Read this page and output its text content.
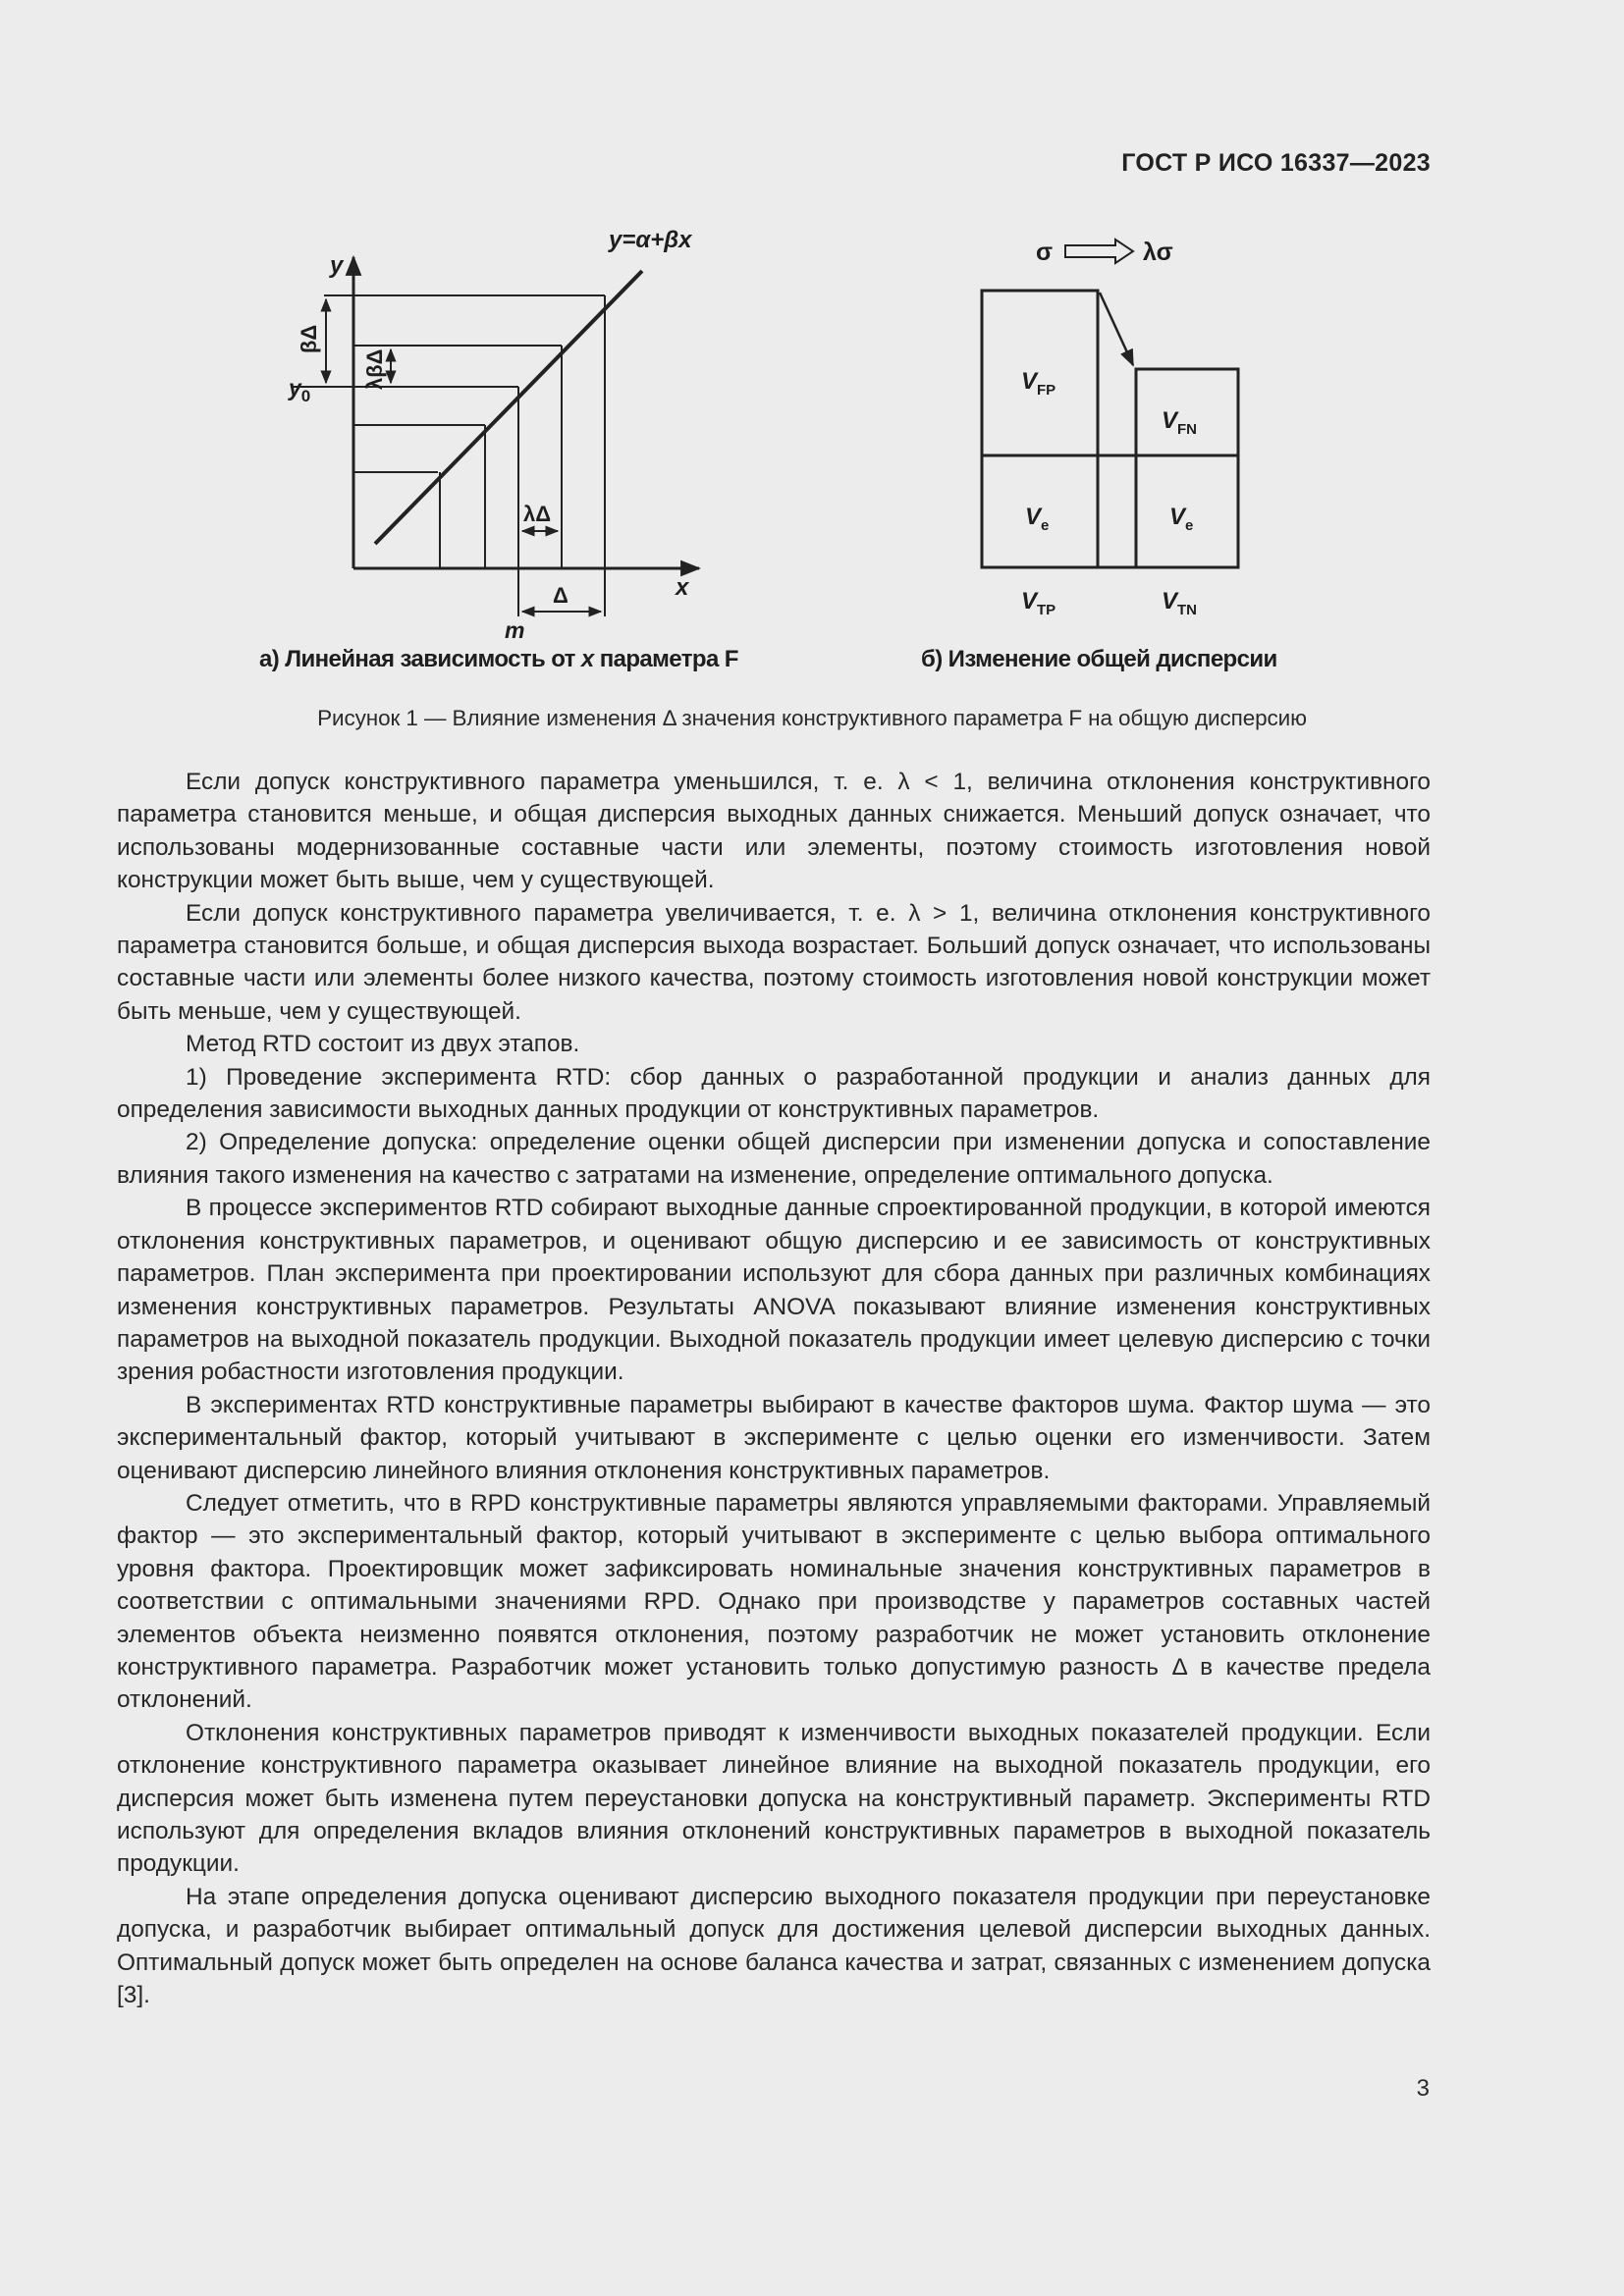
ГОСТ Р ИСО 16337—2023
y
x
y=α+βx
$y_0$
βΔ
λβΔ
λΔ
Δ
m
σ	λσ
$V_{FP}$
$V_{FN}$
$V_e$	$V_e$
$V_{TP}$	$V_{TN}$
а) Линейная зависимость от x параметра F	б) Изменение общей дисперсии
Рисунок 1 — Влияние изменения Δ значения конструктивного параметра F на общую дисперсию

Если допуск конструктивного параметра уменьшился, т. е. λ < 1, величина отклонения конструктивного параметра становится меньше, и общая дисперсия выходных данных снижается. Меньший допуск означает, что использованы модернизованные составные части или элементы, поэтому стоимость изготовления новой конструкции может быть выше, чем у существующей.

Если допуск конструктивного параметра увеличивается, т. е. λ > 1, величина отклонения конструктивного параметра становится больше, и общая дисперсия выхода возрастает. Больший допуск означает, что использованы составные части или элементы более низкого качества, поэтому стоимость изготовления новой конструкции может быть меньше, чем у существующей.

Метод RTD состоит из двух этапов.

1) Проведение эксперимента RTD: сбор данных о разработанной продукции и анализ данных для определения зависимости выходных данных продукции от конструктивных параметров.

2) Определение допуска: определение оценки общей дисперсии при изменении допуска и сопоставление влияния такого изменения на качество с затратами на изменение, определение оптимального допуска.

В процессе экспериментов RTD собирают выходные данные спроектированной продукции, в которой имеются отклонения конструктивных параметров, и оценивают общую дисперсию и ее зависимость от конструктивных параметров. План эксперимента при проектировании используют для сбора данных при различных комбинациях изменения конструктивных параметров. Результаты ANOVA показывают влияние изменения конструктивных параметров на выходной показатель продукции. Выходной показатель продукции имеет целевую дисперсию с точки зрения робастности изготовления продукции.

В экспериментах RTD конструктивные параметры выбирают в качестве факторов шума. Фактор шума — это экспериментальный фактор, который учитывают в эксперименте с целью оценки его изменчивости. Затем оценивают дисперсию линейного влияния отклонения конструктивных параметров.

Следует отметить, что в RPD конструктивные параметры являются управляемыми факторами. Управляемый фактор — это экспериментальный фактор, который учитывают в эксперименте с целью выбора оптимального уровня фактора. Проектировщик может зафиксировать номинальные значения конструктивных параметров в соответствии с оптимальными значениями RPD. Однако при производстве у параметров составных частей элементов объекта неизменно появятся отклонения, поэтому разработчик не может установить отклонение конструктивного параметра. Разработчик может установить только допустимую разность Δ в качестве предела отклонений.

Отклонения конструктивных параметров приводят к изменчивости выходных показателей продукции. Если отклонение конструктивного параметра оказывает линейное влияние на выходной показатель продукции, его дисперсия может быть изменена путем переустановки допуска на конструктивный параметр. Эксперименты RTD используют для определения вкладов влияния отклонений конструктивных параметров в выходной показатель продукции.

На этапе определения допуска оценивают дисперсию выходного показателя продукции при переустановке допуска, и разработчик выбирает оптимальный допуск для достижения целевой дисперсии выходных данных. Оптимальный допуск может быть определен на основе баланса качества и затрат, связанных с изменением допуска [3].

3
